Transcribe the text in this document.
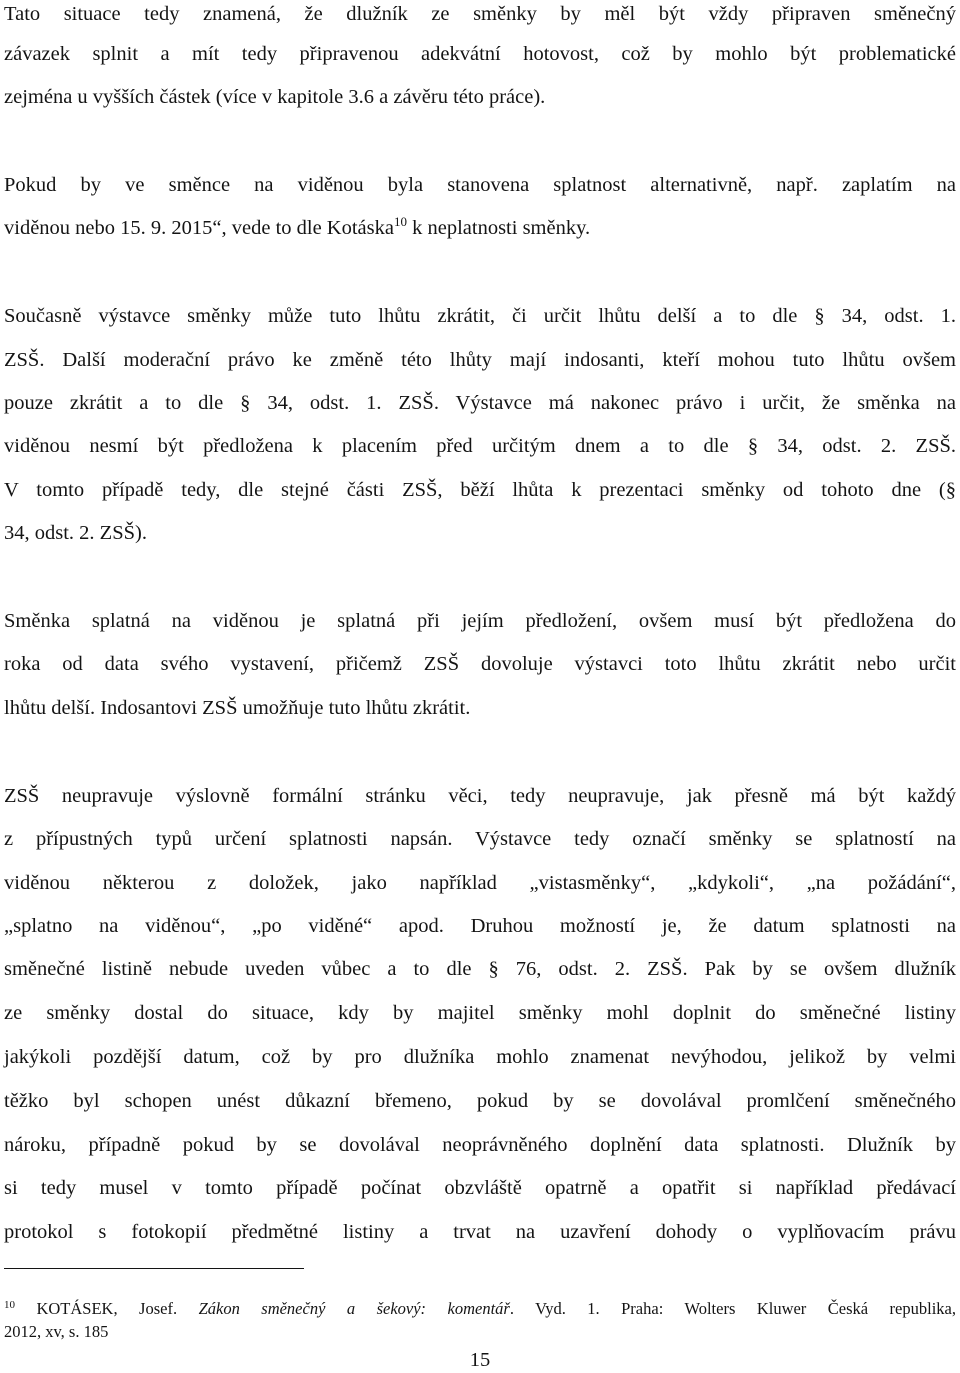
Tato situace tedy znamená, že dlužník ze směnky by měl být vždy připraven směnečný
závazek splnit a mít tedy připravenou adekvátní hotovost, což by mohlo být problematické
zejména u vyšších částek (více v kapitole 3.6 a závěru této práce).
Pokud by ve směnce na viděnou byla stanovena splatnost alternativně, např. zaplatím na
viděnou nebo 15. 9. 2015“, vede to dle Kotáska$^{10}$ k neplatnosti směnky.
Současně výstavce směnky může tuto lhůtu zkrátit, či určit lhůtu delší a to dle § 34, odst. 1.
ZSŠ. Další moderační právo ke změně této lhůty mají indosanti, kteří mohou tuto lhůtu ovšem
pouze zkrátit a to dle § 34, odst. 1. ZSŠ. Výstavce má nakonec právo i určit, že směnka na
viděnou nesmí být předložena k placením před určitým dnem a to dle § 34, odst. 2. ZSŠ.
V tomto případě tedy, dle stejné části ZSŠ, běží lhůta k prezentaci směnky od tohoto dne (§
34, odst. 2. ZSŠ).
Směnka splatná na viděnou je splatná při jejím předložení, ovšem musí být předložena do
roka od data svého vystavení, přičemž ZSŠ dovoluje výstavci toto lhůtu zkrátit nebo určit
lhůtu delší. Indosantovi ZSŠ umožňuje tuto lhůtu zkrátit.
ZSŠ neupravuje výslovně formální stránku věci, tedy neupravuje, jak přesně má být každý
z přípustných typů určení splatnosti napsán. Výstavce tedy označí směnky se splatností na
viděnou některou z doložek, jako například „vistasměnky“, „kdykoli“, „na požádání“,
„splatno na viděnou“, „po viděné“ apod. Druhou možností je, že datum splatnosti na
směnečné listině nebude uveden vůbec a to dle § 76, odst. 2. ZSŠ. Pak by se ovšem dlužník
ze směnky dostal do situace, kdy by majitel směnky mohl doplnit do směnečné listiny
jakýkoli pozdější datum, což by pro dlužníka mohlo znamenat nevýhodou, jelikož by velmi
těžko byl schopen unést důkazní břemeno, pokud by se dovolával promlčení směnečného
nároku, případně pokud by se dovolával neoprávněného doplnění data splatnosti. Dlužník by
si tedy musel v tomto případě počínat obzvláště opatrně a opatřit si například předávací
protokol s fotokopií předmětné listiny a trvat na uzavření dohody o vyplňovacím právu
$^{10}$ KOTÁSEK, Josef. Zákon směnečný a šekový: komentář. Vyd. 1. Praha: Wolters Kluwer Česká republika,
2012, xv, s. 185
15
